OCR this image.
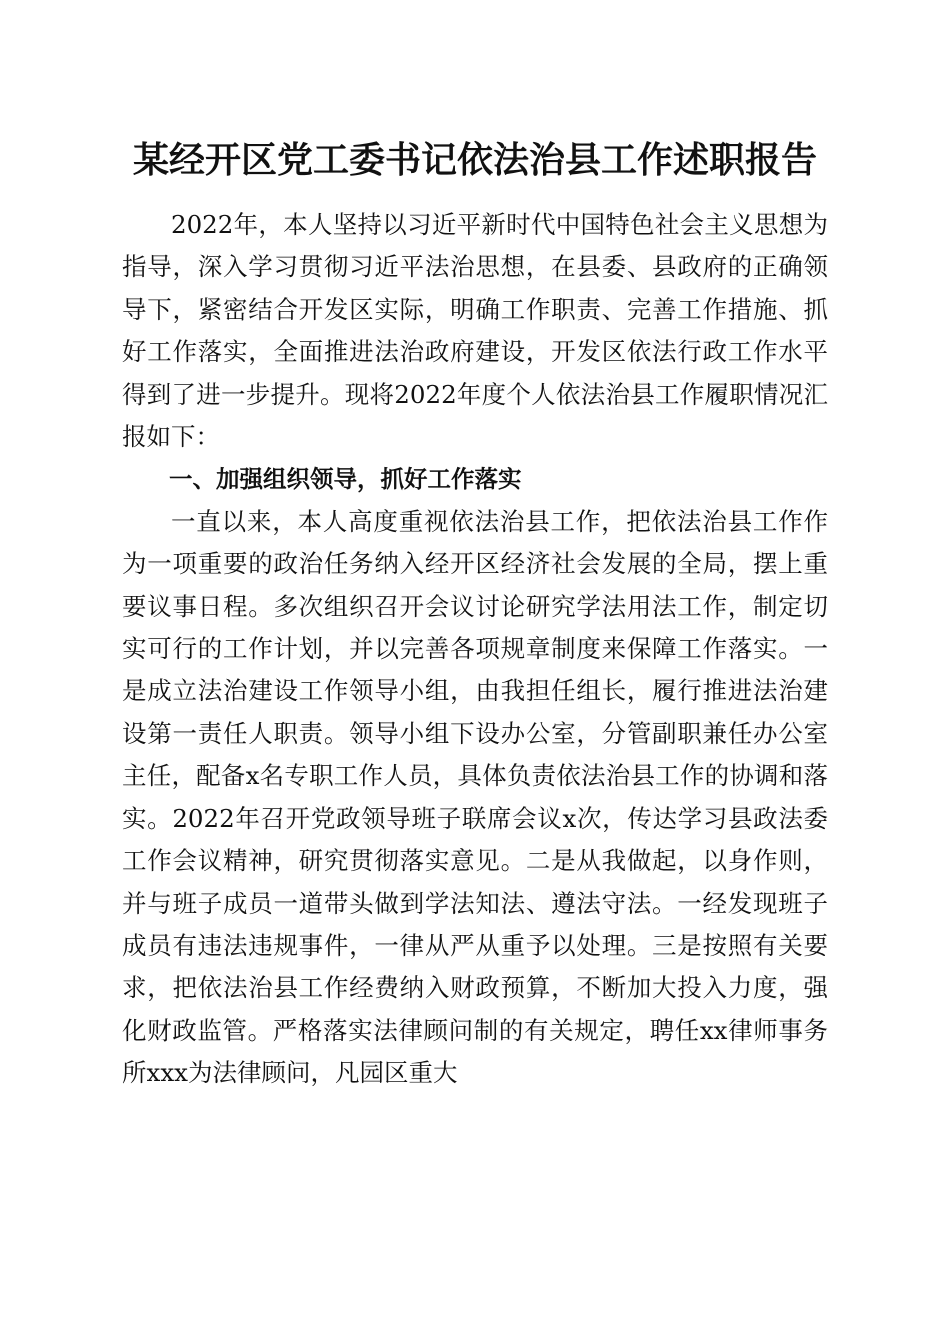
某经开区党工委书记依法治县工作述职报告

2022年，本人坚持以习近平新时代中国特色社会主义思想为指导，深入学习贯彻习近平法治思想，在县委、县政府的正确领导下，紧密结合开发区实际，明确工作职责、完善工作措施、抓好工作落实，全面推进法治政府建设，开发区依法行政工作水平得到了进一步提升。现将2022年度个人依法治县工作履职情况汇报如下：

一、加强组织领导，抓好工作落实

一直以来，本人高度重视依法治县工作，把依法治县工作作为一项重要的政治任务纳入经开区经济社会发展的全局，摆上重要议事日程。多次组织召开会议讨论研究学法用法工作，制定切实可行的工作计划，并以完善各项规章制度来保障工作落实。一是成立法治建设工作领导小组，由我担任组长，履行推进法治建设第一责任人职责。领导小组下设办公室，分管副职兼任办公室主任，配备x名专职工作人员，具体负责依法治县工作的协调和落实。2022年召开党政领导班子联席会议x次，传达学习县政法委工作会议精神，研究贯彻落实意见。二是从我做起，以身作则，并与班子成员一道带头做到学法知法、遵法守法。一经发现班子成员有违法违规事件，一律从严从重予以处理。三是按照有关要求，把依法治县工作经费纳入财政预算，不断加大投入力度，强化财政监管。严格落实法律顾问制的有关规定，聘任xx律师事务所xxx为法律顾问，凡园区重大
